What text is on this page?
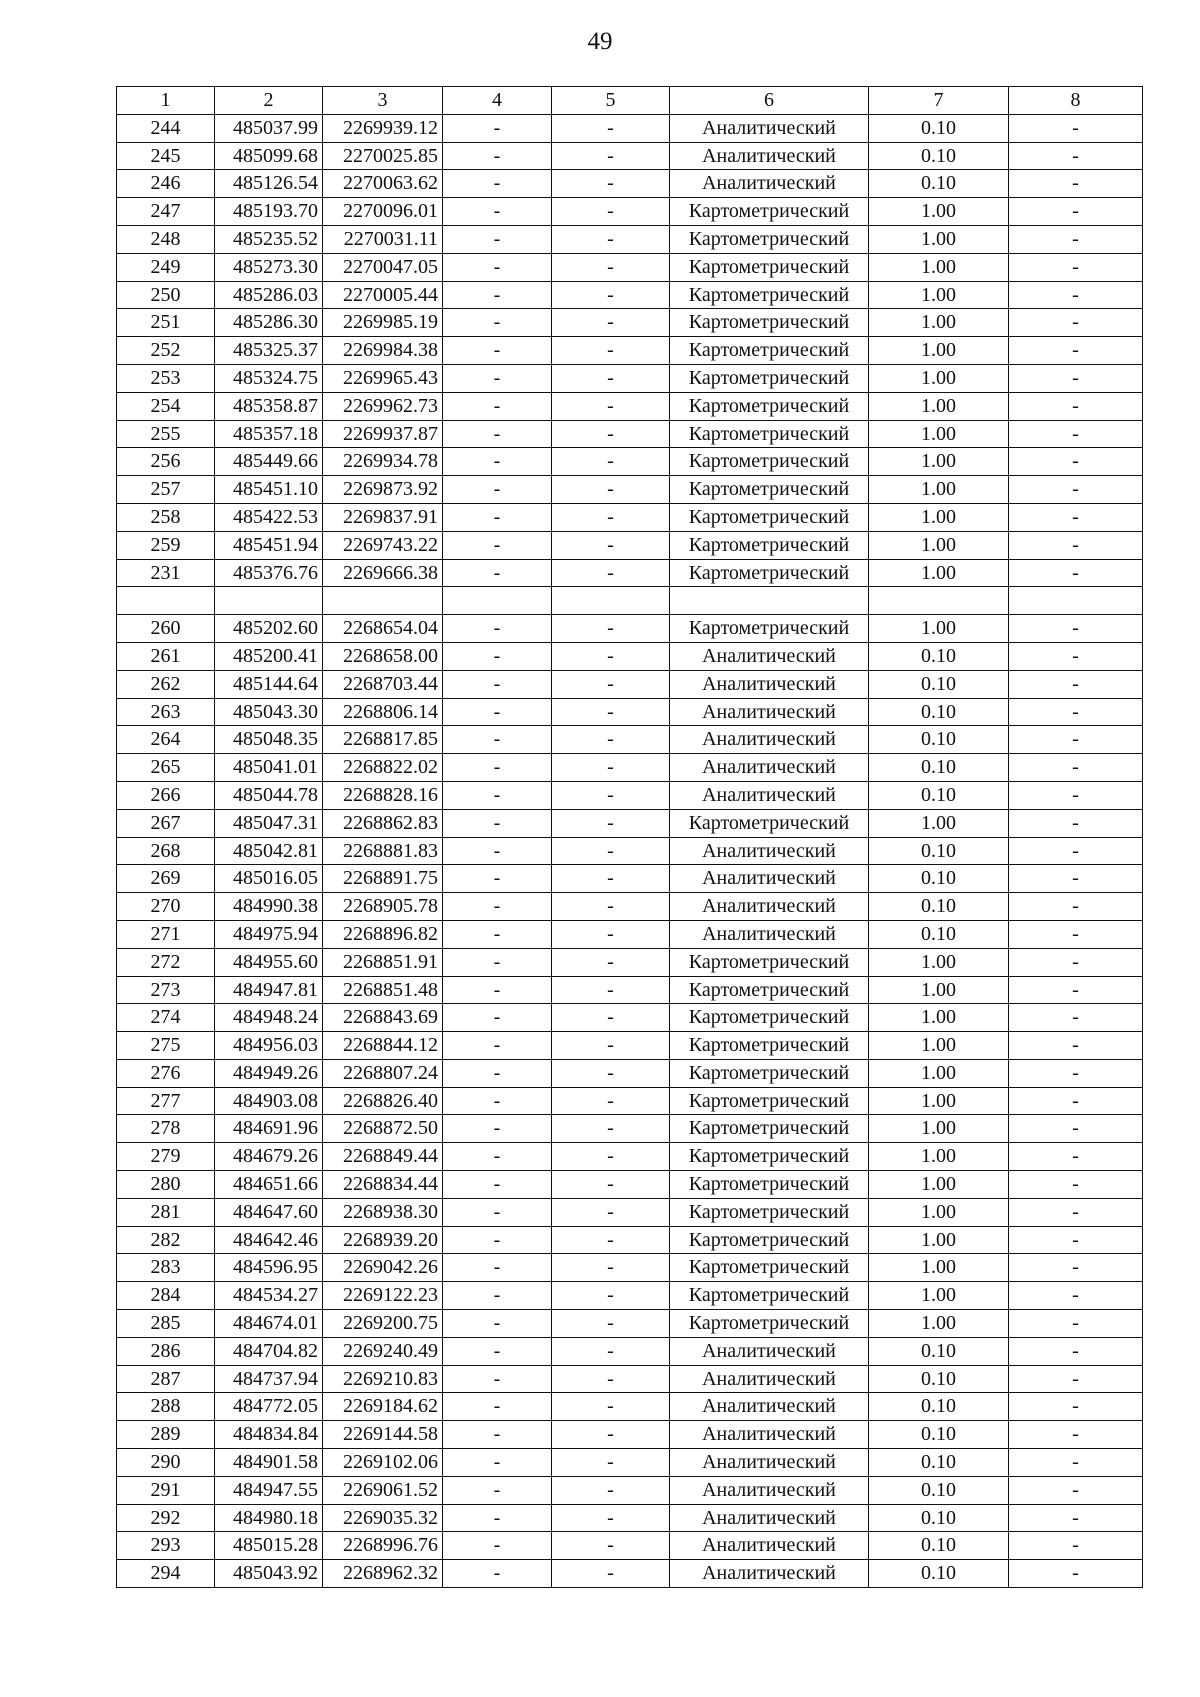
49
1	2	3	4	5	6	7	8
244	485037.99	2269939.12	-	-	Аналитический	0.10	-
245	485099.68	2270025.85	-	-	Аналитический	0.10	-
246	485126.54	2270063.62	-	-	Аналитический	0.10	-
247	485193.70	2270096.01	-	-	Картометрический	1.00	-
248	485235.52	2270031.11	-	-	Картометрический	1.00	-
249	485273.30	2270047.05	-	-	Картометрический	1.00	-
250	485286.03	2270005.44	-	-	Картометрический	1.00	-
251	485286.30	2269985.19	-	-	Картометрический	1.00	-
252	485325.37	2269984.38	-	-	Картометрический	1.00	-
253	485324.75	2269965.43	-	-	Картометрический	1.00	-
254	485358.87	2269962.73	-	-	Картометрический	1.00	-
255	485357.18	2269937.87	-	-	Картометрический	1.00	-
256	485449.66	2269934.78	-	-	Картометрический	1.00	-
257	485451.10	2269873.92	-	-	Картометрический	1.00	-
258	485422.53	2269837.91	-	-	Картометрический	1.00	-
259	485451.94	2269743.22	-	-	Картометрический	1.00	-
231	485376.76	2269666.38	-	-	Картометрический	1.00	-

260	485202.60	2268654.04	-	-	Картометрический	1.00	-
261	485200.41	2268658.00	-	-	Аналитический	0.10	-
262	485144.64	2268703.44	-	-	Аналитический	0.10	-
263	485043.30	2268806.14	-	-	Аналитический	0.10	-
264	485048.35	2268817.85	-	-	Аналитический	0.10	-
265	485041.01	2268822.02	-	-	Аналитический	0.10	-
266	485044.78	2268828.16	-	-	Аналитический	0.10	-
267	485047.31	2268862.83	-	-	Картометрический	1.00	-
268	485042.81	2268881.83	-	-	Аналитический	0.10	-
269	485016.05	2268891.75	-	-	Аналитический	0.10	-
270	484990.38	2268905.78	-	-	Аналитический	0.10	-
271	484975.94	2268896.82	-	-	Аналитический	0.10	-
272	484955.60	2268851.91	-	-	Картометрический	1.00	-
273	484947.81	2268851.48	-	-	Картометрический	1.00	-
274	484948.24	2268843.69	-	-	Картометрический	1.00	-
275	484956.03	2268844.12	-	-	Картометрический	1.00	-
276	484949.26	2268807.24	-	-	Картометрический	1.00	-
277	484903.08	2268826.40	-	-	Картометрический	1.00	-
278	484691.96	2268872.50	-	-	Картометрический	1.00	-
279	484679.26	2268849.44	-	-	Картометрический	1.00	-
280	484651.66	2268834.44	-	-	Картометрический	1.00	-
281	484647.60	2268938.30	-	-	Картометрический	1.00	-
282	484642.46	2268939.20	-	-	Картометрический	1.00	-
283	484596.95	2269042.26	-	-	Картометрический	1.00	-
284	484534.27	2269122.23	-	-	Картометрический	1.00	-
285	484674.01	2269200.75	-	-	Картометрический	1.00	-
286	484704.82	2269240.49	-	-	Аналитический	0.10	-
287	484737.94	2269210.83	-	-	Аналитический	0.10	-
288	484772.05	2269184.62	-	-	Аналитический	0.10	-
289	484834.84	2269144.58	-	-	Аналитический	0.10	-
290	484901.58	2269102.06	-	-	Аналитический	0.10	-
291	484947.55	2269061.52	-	-	Аналитический	0.10	-
292	484980.18	2269035.32	-	-	Аналитический	0.10	-
293	485015.28	2268996.76	-	-	Аналитический	0.10	-
294	485043.92	2268962.32	-	-	Аналитический	0.10	-
